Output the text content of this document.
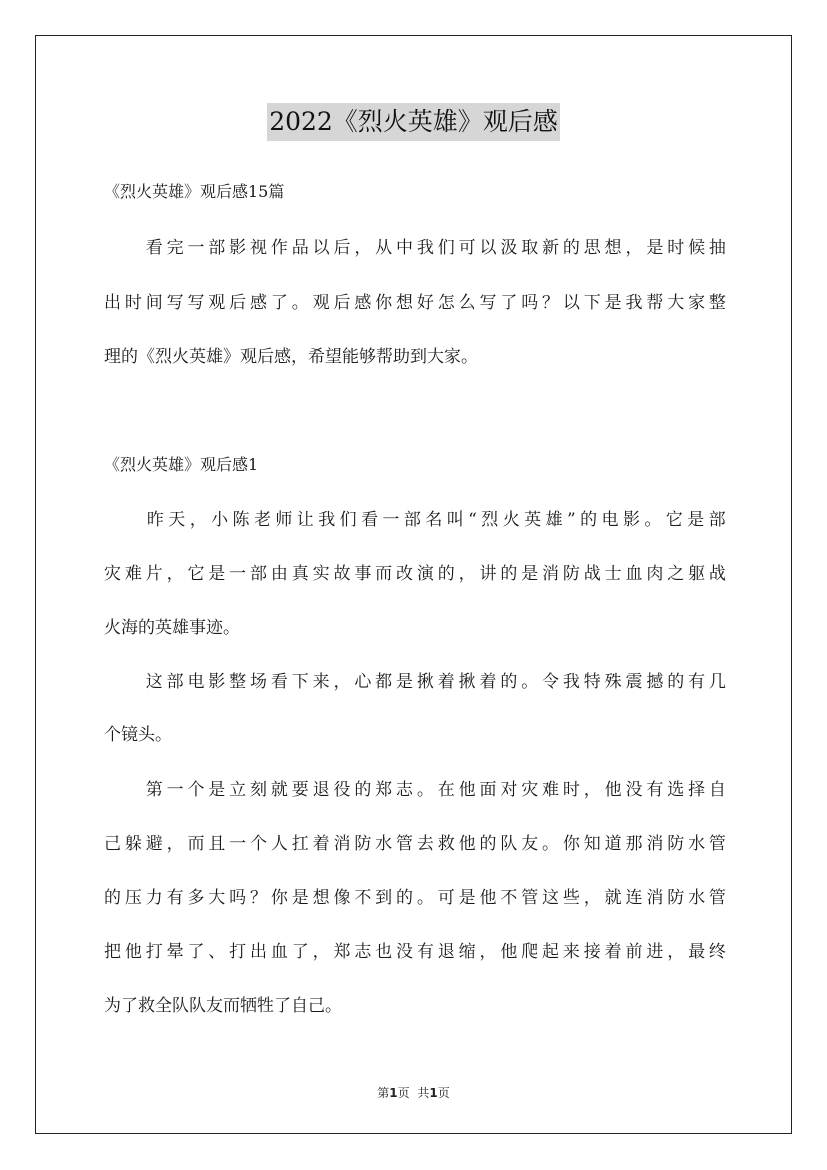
2022《烈火英雄》观后感
《烈火英雄》观后感15篇

看 完 一 部 影 视 作 品 以 后 ， 从 中 我 们 可 以 汲 取 新 的 思 想 ， 是 时 候 抽
出 时 间 写 写 观 后 感 了 。 观 后 感 你 想 好 怎 么 写 了 吗 ？ 以 下 是 我 帮 大 家 整
理的《烈火英雄》观后感，希望能够帮助到大家。
《烈火英雄》观后感1

昨 天 ， 小 陈 老 师 让 我 们 看 一 部 名 叫 “ 烈 火 英 雄 ” 的 电 影 。 它 是 部
灾 难 片 ， 它 是 一 部 由 真 实 故 事 而 改 演 的 ， 讲 的 是 消 防 战 士 血 肉 之 躯 战
火海的英雄事迹。

这 部 电 影 整 场 看 下 来 ， 心 都 是 揪 着 揪 着 的 。 令 我 特 殊 震 撼 的 有 几
个镜头。

第 一 个 是 立 刻 就 要 退 役 的 郑 志 。 在 他 面 对 灾 难 时 ， 他 没 有 选 择 自
己 躲 避 ， 而 且 一 个 人 扛 着 消 防 水 管 去 救 他 的 队 友 。 你 知 道 那 消 防 水 管
的 压 力 有 多 大 吗 ？ 你 是 想 像 不 到 的 。 可 是 他 不 管 这 些 ， 就 连 消 防 水 管
把 他 打 晕 了 、 打 出 血 了 ， 郑 志 也 没 有 退 缩 ， 他 爬 起 来 接 着 前 进 ， 最 终
为了救全队队友而牺牲了自己。
第1页 共1页
